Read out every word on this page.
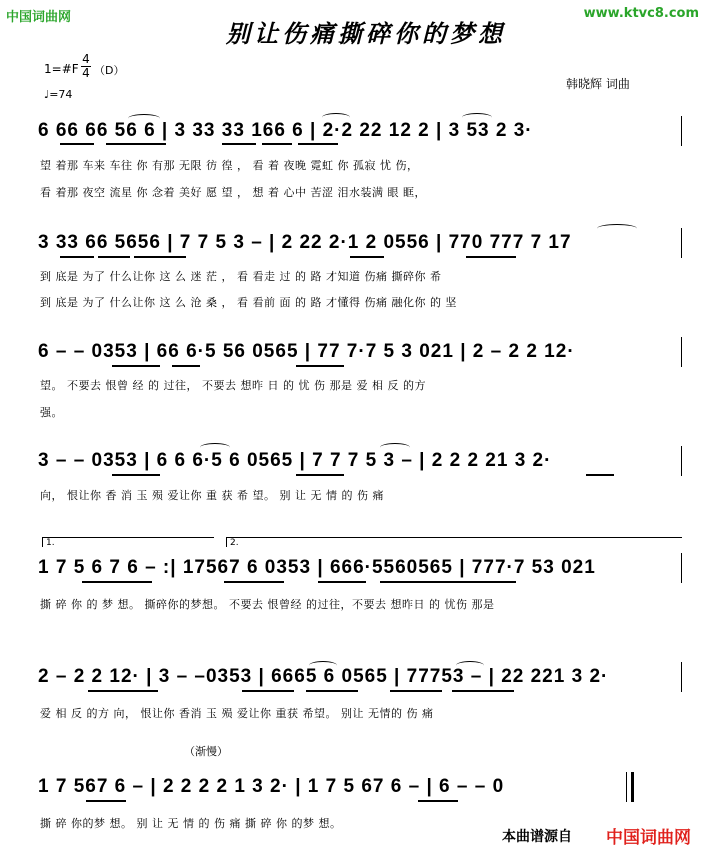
中国词曲网	www.ktvc8.com
别让伤痛撕碎你的梦想
1=#F
4
4 （D）
♩=74
韩晓辉 词曲
6 66 66 56 6 | 3 33 33 166 6 | 2·2 22 12 2 | 3 53 2 3·
望 着那 车来 车往 你 有那 无限 彷 徨 ， 看 着 夜晚 霓虹 你 孤寂 忧 伤，
看 着那 夜空 流星 你 念着 美好 愿 望 ， 想 着 心中 苦涩 泪水装满 眼 眶，
3 33 66 5656 | 7 7 5 3 – | 2 22 2·1 2 0556 | 770 777 7 17
到 底是 为了 什么让你 这 么 迷 茫 ， 看 看走 过 的 路 才知道 伤痛 撕碎你 希
到 底是 为了 什么让你 这 么 沧 桑 ， 看 看前 面 的 路 才懂得 伤痛 融化你 的 坚
6 – – 0353 | 66 6·5 56 0565 | 77 7·7 5 3 021 | 2 – 2 2 12·
望。 不要去 恨曾 经 的 过往， 不要去 想昨 日 的 忧 伤 那是 爱 相 反 的方
强。
3 – – 0353 | 6 6 6·5 6 0565 | 7 7 7 5 3 – | 2 2 2 21 3 2·
向， 恨让你 香 消 玉 殒 爱让你 重 获 希 望。 别 让 无 情 的 伤 痛
1.	2.
1 7 5 6 7 6 – :| 17567 6 0353 | 666·5560565 | 777·7 53 021
撕 碎 你 的 梦 想。 撕碎你的梦想。 不要去 恨曾经 的过往，不要去 想昨日 的 忧伤 那是
2 – 2 2 12· | 3 – –0353 | 6665 6 0565 | 77753 – | 22 221 3 2·
爱 相 反 的方 向， 恨让你 香消 玉 殒 爱让你 重获 希望。 别让 无情的 伤 痛
（渐慢）
1 7 567 6 – | 2 2 2 2 1 3 2· | 1 7 5 67 6 – | 6 – – 0
撕 碎 你的梦 想。 别 让 无 情 的 伤 痛 撕 碎 你 的梦 想。
本曲谱源自 中国词曲网
